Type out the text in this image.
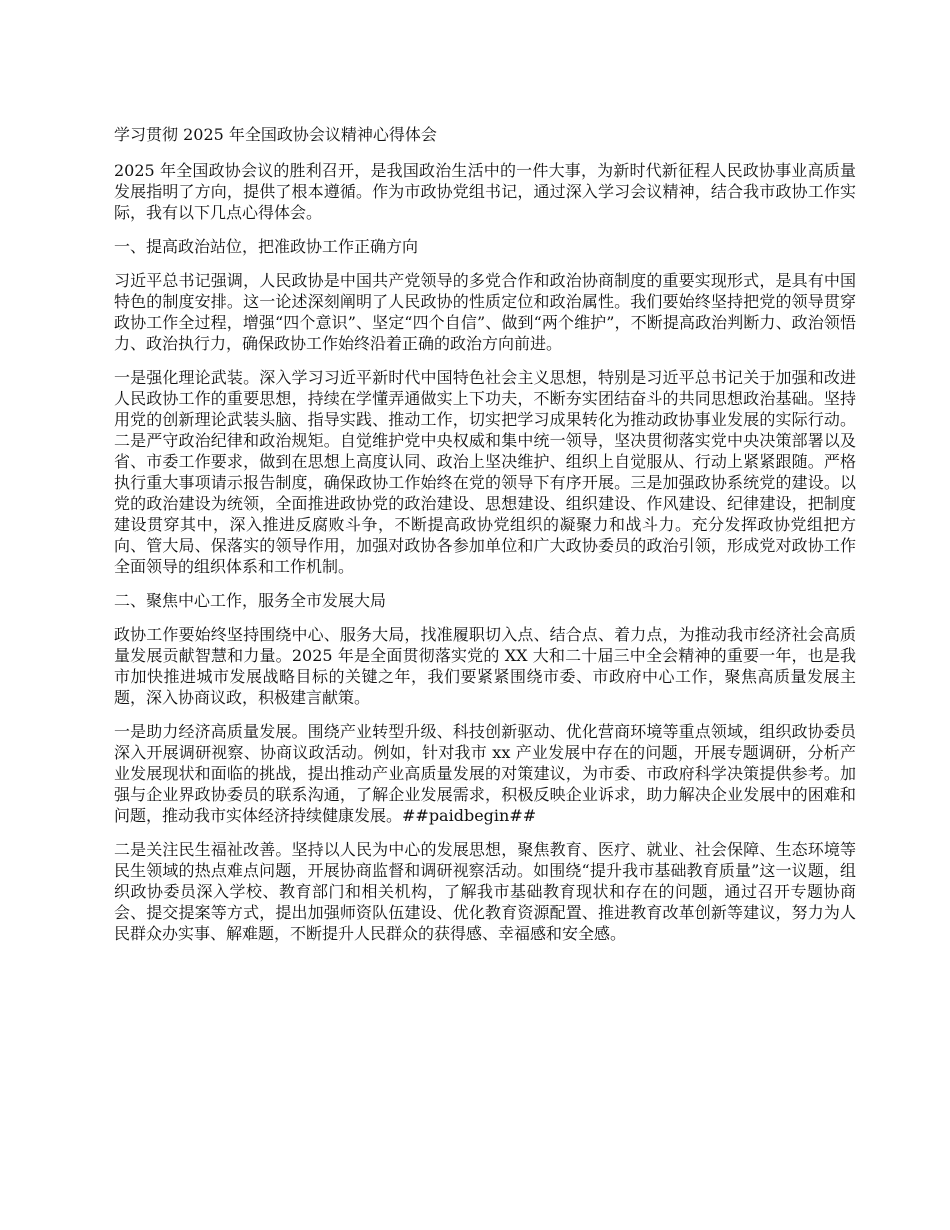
学习贯彻 2025 年全国政协会议精神心得体会

2025 年全国政协会议的胜利召开，是我国政治生活中的一件大事，为新时代新征程人民政协事业高质量发展指明了方向，提供了根本遵循。作为市政协党组书记，通过深入学习会议精神，结合我市政协工作实际，我有以下几点心得体会。

一、提高政治站位，把准政协工作正确方向

习近平总书记强调，人民政协是中国共产党领导的多党合作和政治协商制度的重要实现形式，是具有中国特色的制度安排。这一论述深刻阐明了人民政协的性质定位和政治属性。我们要始终坚持把党的领导贯穿政协工作全过程，增强“四个意识”、坚定“四个自信”、做到“两个维护”，不断提高政治判断力、政治领悟力、政治执行力，确保政协工作始终沿着正确的政治方向前进。

一是强化理论武装。深入学习习近平新时代中国特色社会主义思想，特别是习近平总书记关于加强和改进人民政协工作的重要思想，持续在学懂弄通做实上下功夫，不断夯实团结奋斗的共同思想政治基础。坚持用党的创新理论武装头脑、指导实践、推动工作，切实把学习成果转化为推动政协事业发展的实际行动。二是严守政治纪律和政治规矩。自觉维护党中央权威和集中统一领导，坚决贯彻落实党中央决策部署以及省、市委工作要求，做到在思想上高度认同、政治上坚决维护、组织上自觉服从、行动上紧紧跟随。严格执行重大事项请示报告制度，确保政协工作始终在党的领导下有序开展。三是加强政协系统党的建设。以党的政治建设为统领，全面推进政协党的政治建设、思想建设、组织建设、作风建设、纪律建设，把制度建设贯穿其中，深入推进反腐败斗争，不断提高政协党组织的凝聚力和战斗力。充分发挥政协党组把方向、管大局、保落实的领导作用，加强对政协各参加单位和广大政协委员的政治引领，形成党对政协工作全面领导的组织体系和工作机制。

二、聚焦中心工作，服务全市发展大局

政协工作要始终坚持围绕中心、服务大局，找准履职切入点、结合点、着力点，为推动我市经济社会高质量发展贡献智慧和力量。2025 年是全面贯彻落实党的 XX 大和二十届三中全会精神的重要一年，也是我市加快推进城市发展战略目标的关键之年，我们要紧紧围绕市委、市政府中心工作，聚焦高质量发展主题，深入协商议政，积极建言献策。

一是助力经济高质量发展。围绕产业转型升级、科技创新驱动、优化营商环境等重点领域，组织政协委员深入开展调研视察、协商议政活动。例如，针对我市 xx 产业发展中存在的问题，开展专题调研，分析产业发展现状和面临的挑战，提出推动产业高质量发展的对策建议，为市委、市政府科学决策提供参考。加强与企业界政协委员的联系沟通，了解企业发展需求，积极反映企业诉求，助力解决企业发展中的困难和问题，推动我市实体经济持续健康发展。##paidbegin##

二是关注民生福祉改善。坚持以人民为中心的发展思想，聚焦教育、医疗、就业、社会保障、生态环境等民生领域的热点难点问题，开展协商监督和调研视察活动。如围绕“提升我市基础教育质量”这一议题，组织政协委员深入学校、教育部门和相关机构，了解我市基础教育现状和存在的问题，通过召开专题协商会、提交提案等方式，提出加强师资队伍建设、优化教育资源配置、推进教育改革创新等建议，努力为人民群众办实事、解难题，不断提升人民群众的获得感、幸福感和安全感。
